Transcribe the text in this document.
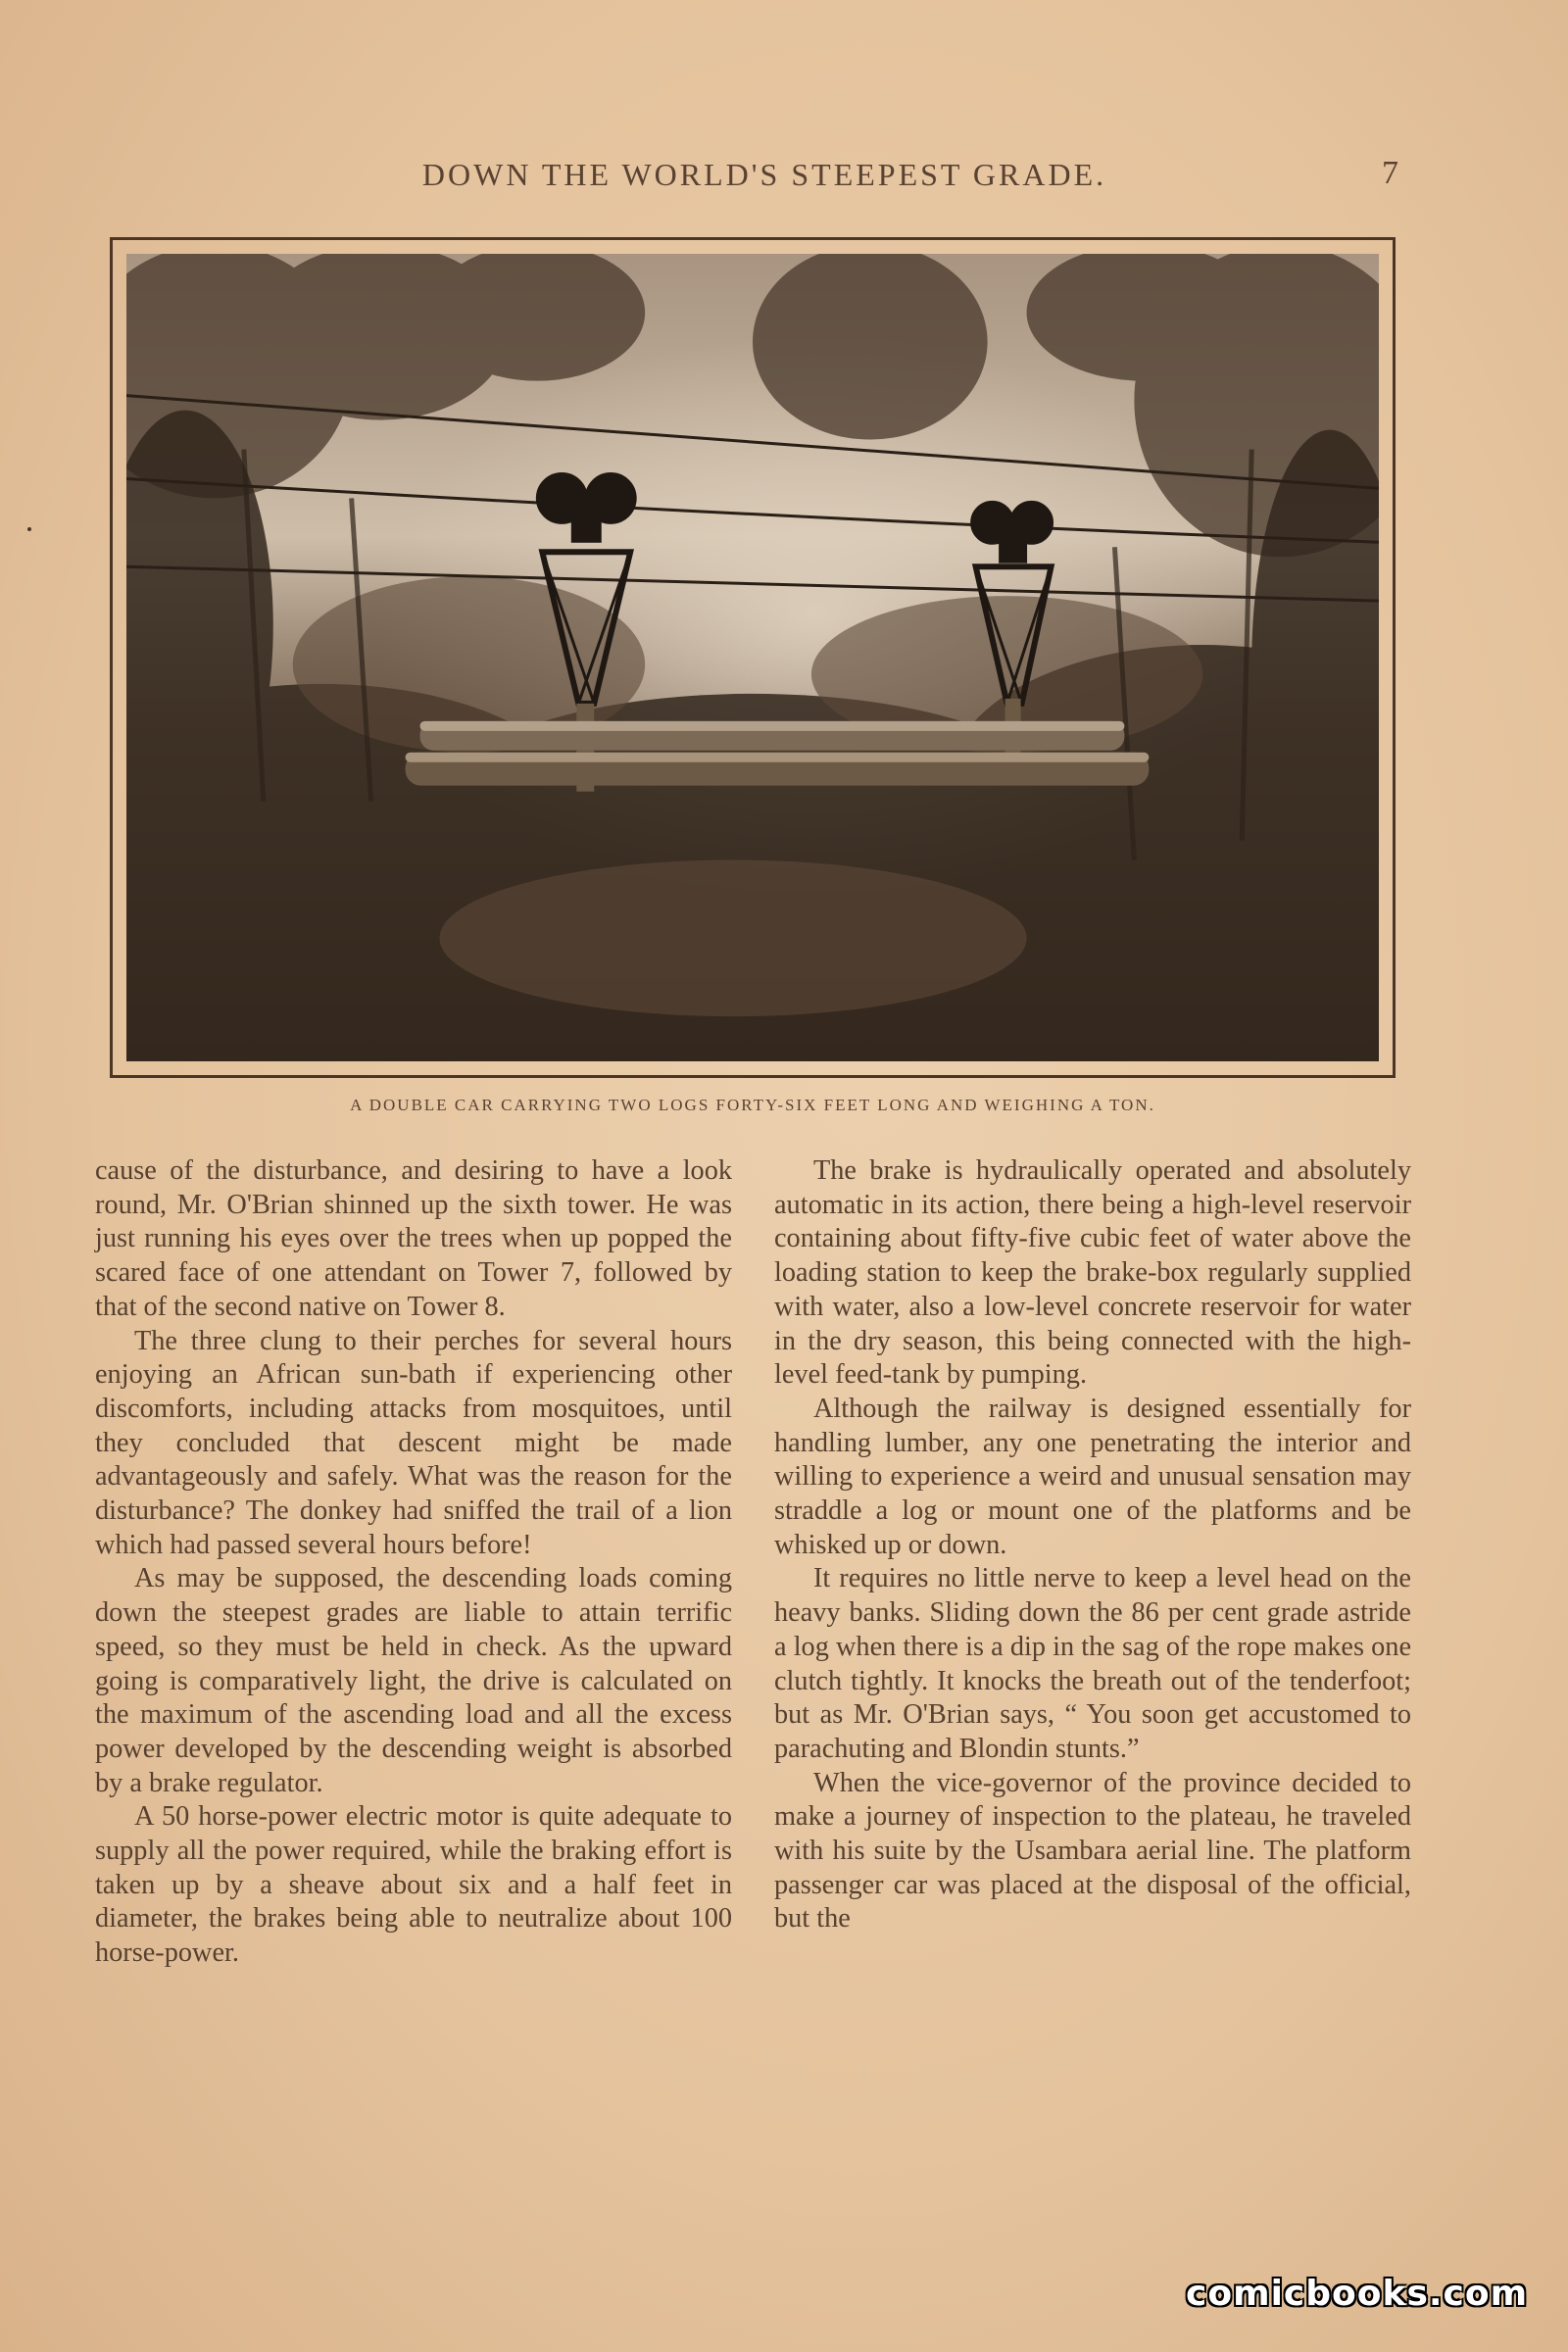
DOWN THE WORLD'S STEEPEST GRADE.	7
A DOUBLE CAR CARRYING TWO LOGS FORTY-SIX FEET LONG AND WEIGHING A TON.

cause of the disturbance, and desiring to have a look round, Mr. O'Brian shinned up the sixth tower. He was just running his eyes over the trees when up popped the scared face of one attendant on Tower 7, followed by that of the second native on Tower 8.

The three clung to their perches for several hours enjoying an African sun-bath if experiencing other discomforts, including attacks from mosquitoes, until they concluded that descent might be made advantageously and safely. What was the reason for the disturbance? The donkey had sniffed the trail of a lion which had passed several hours before!

As may be supposed, the descending loads coming down the steepest grades are liable to attain terrific speed, so they must be held in check. As the upward going is comparatively light, the drive is calculated on the maximum of the ascending load and all the excess power developed by the descending weight is absorbed by a brake regulator.

A 50 horse-power electric motor is quite adequate to supply all the power required, while the braking effort is taken up by a sheave about six and a half feet in diameter, the brakes being able to neutralize about 100 horse-power.

The brake is hydraulically operated and absolutely automatic in its action, there being a high-level reservoir containing about fifty-five cubic feet of water above the loading station to keep the brake-box regularly supplied with water, also a low-level concrete reservoir for water in the dry season, this being connected with the high-level feed-tank by pumping.

Although the railway is designed essentially for handling lumber, any one penetrating the interior and willing to experience a weird and unusual sensation may straddle a log or mount one of the platforms and be whisked up or down.

It requires no little nerve to keep a level head on the heavy banks. Sliding down the 86 per cent grade astride a log when there is a dip in the sag of the rope makes one clutch tightly. It knocks the breath out of the tenderfoot; but as Mr. O'Brian says, “ You soon get accustomed to parachuting and Blondin stunts.”

When the vice-governor of the province decided to make a journey of inspection to the plateau, he traveled with his suite by the Usambara aerial line. The platform passenger car was placed at the disposal of the official, but the

comicbooks.com
